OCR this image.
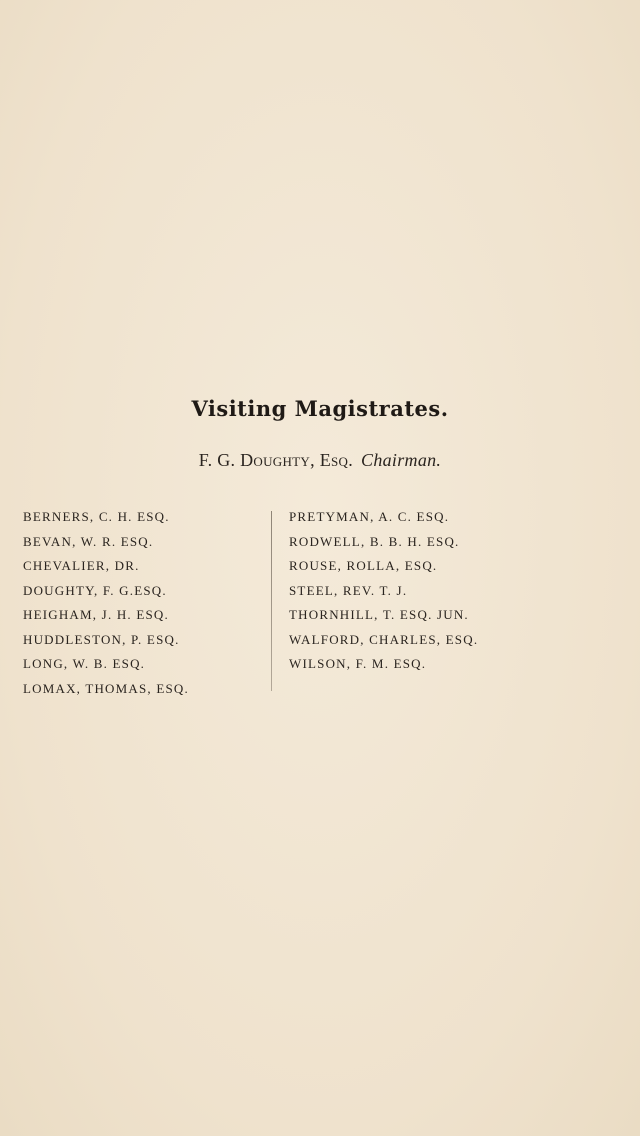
Visiting Magistrates.
F. G. Doughty, Esq. Chairman.
BERNERS, C. H. ESQ.
BEVAN, W. R. ESQ.
CHEVALIER, DR.
DOUGHTY, F. G.ESQ.
HEIGHAM, J. H. ESQ.
HUDDLESTON, P. ESQ.
LONG, W. B. ESQ.
LOMAX, THOMAS, ESQ.
PRETYMAN, A. C. ESQ.
RODWELL, B. B. H. ESQ.
ROUSE, ROLLA, ESQ.
STEEL, REV. T. J.
THORNHILL, T. ESQ. JUN.
WALFORD, CHARLES, ESQ.
WILSON, F. M. ESQ.
